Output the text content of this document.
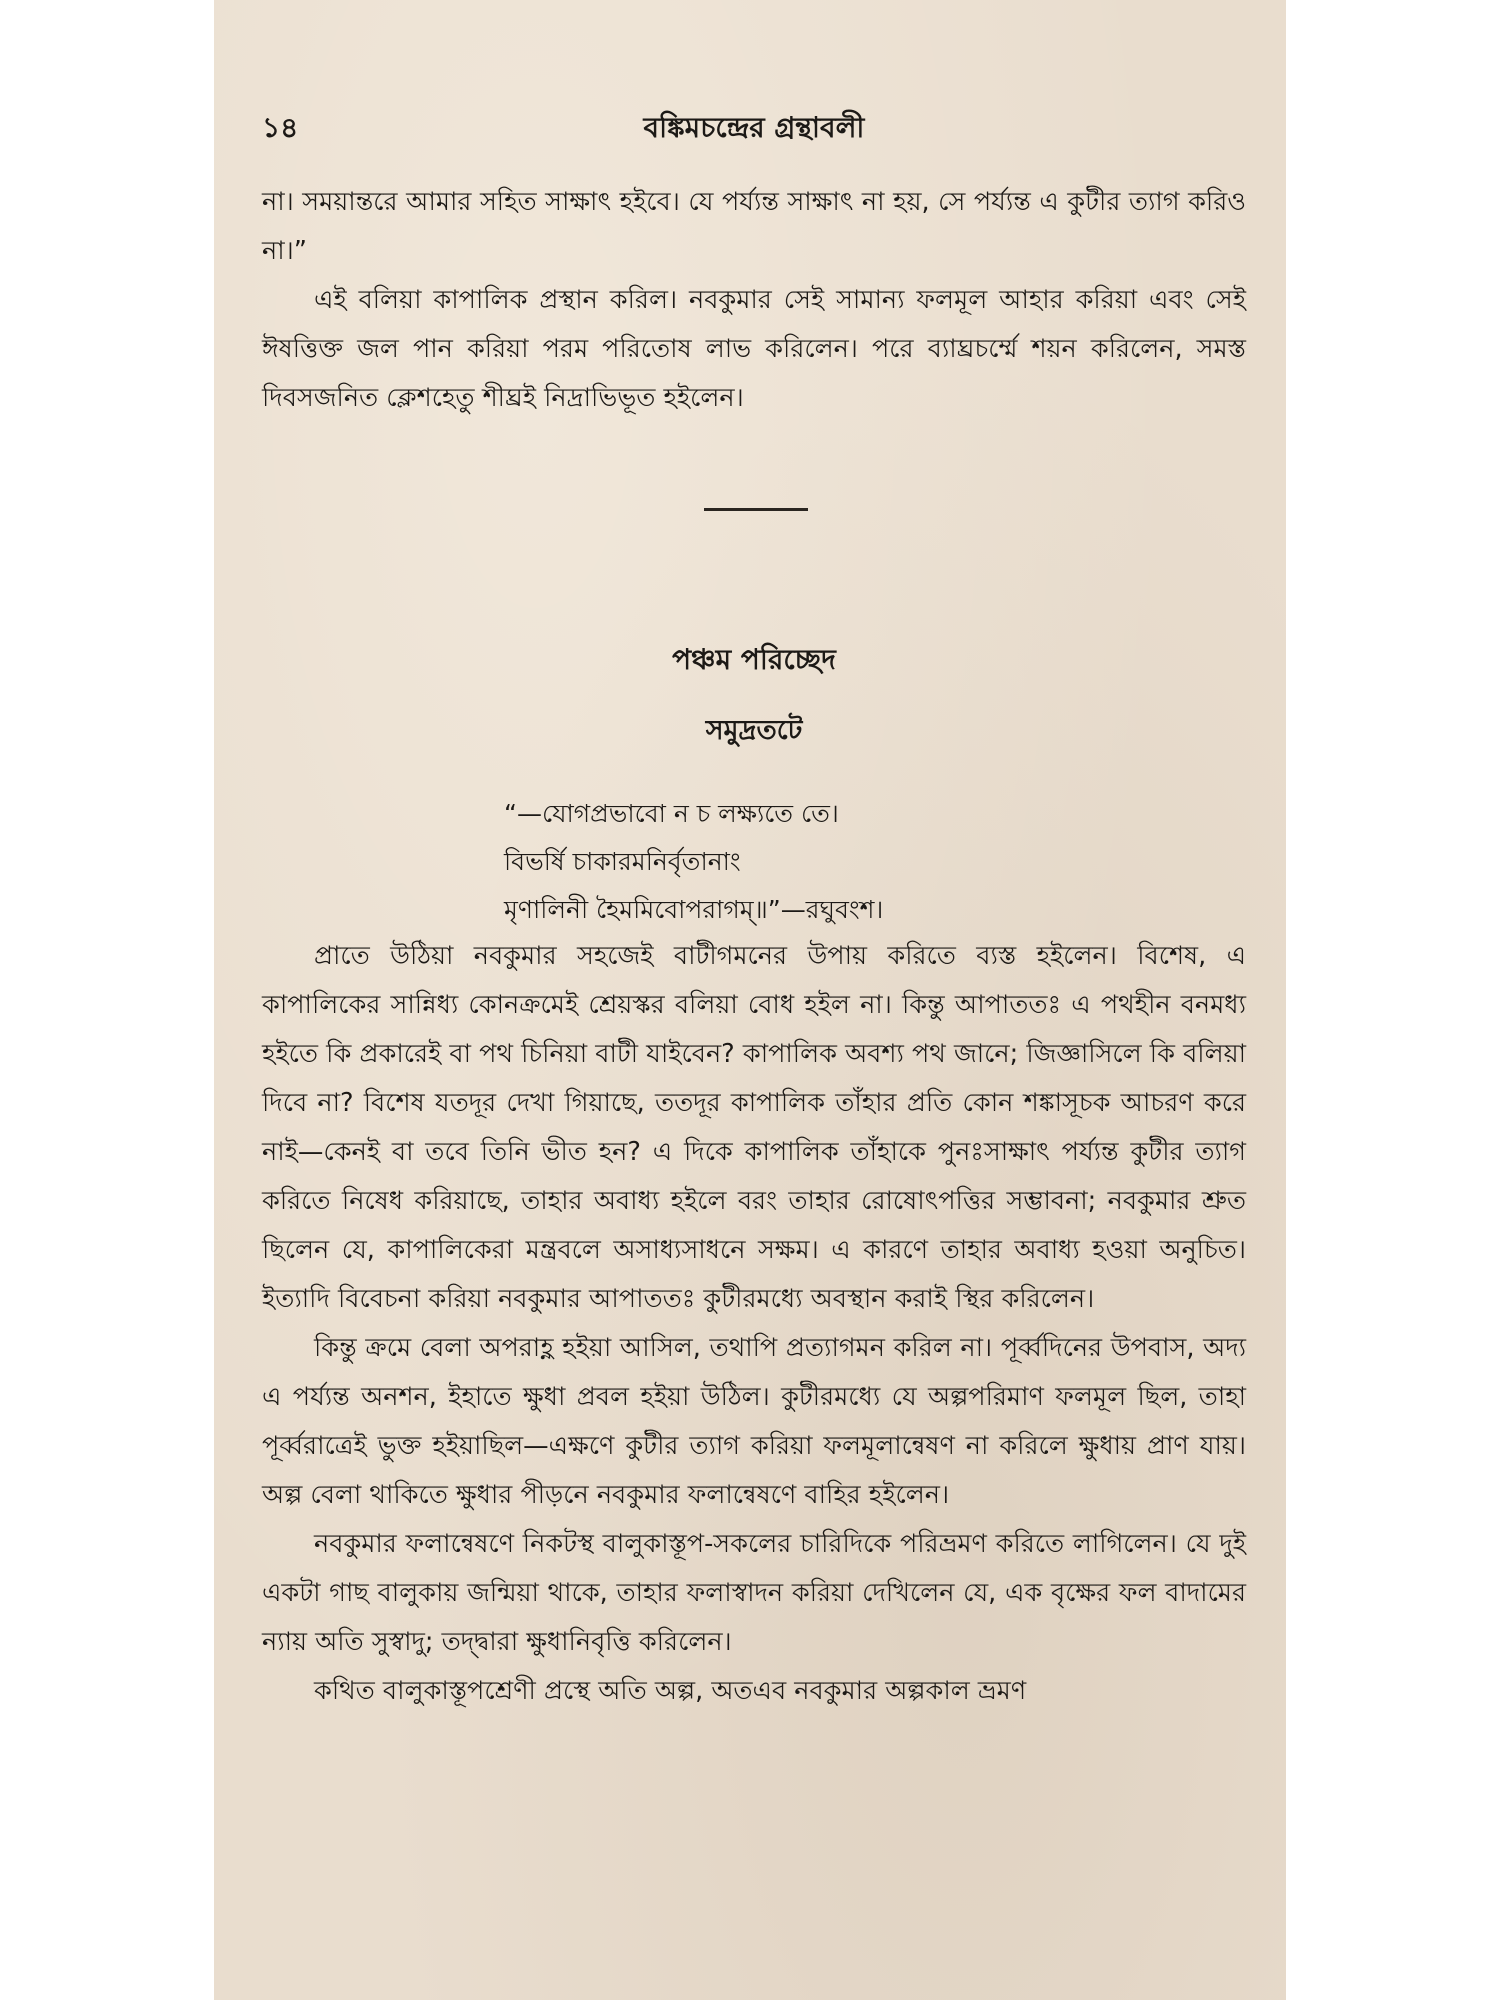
১৪	বঙ্কিমচন্দ্রের গ্রন্থাবলী

না। সময়ান্তরে আমার সহিত সাক্ষাৎ হইবে। যে পর্য্যন্ত সাক্ষাৎ না হয়, সে পর্য্যন্ত এ কুটীর ত্যাগ করিও না।”

এই বলিয়া কাপালিক প্রস্থান করিল। নবকুমার সেই সামান্য ফলমূল আহার করিয়া এবং সেই ঈষত্তিক্ত জল পান করিয়া পরম পরিতোষ লাভ করিলেন। পরে ব্যাঘ্রচর্ম্মে শয়ন করিলেন, সমস্ত দিবসজনিত ক্লেশহেতু শীঘ্রই নিদ্রাভিভূত হইলেন।

পঞ্চম পরিচ্ছেদ
সমুদ্রতটে
“—যোগপ্রভাবো ন চ লক্ষ্যতে তে।
বিভর্ষি চাকারমনির্বৃতানাং
মৃণালিনী হৈমমিবোপরাগম্॥”—রঘুবংশ।

প্রাতে উঠিয়া নবকুমার সহজেই বাটীগমনের উপায় করিতে ব্যস্ত হইলেন। বিশেষ, এ কাপালিকের সান্নিধ্য কোনক্রমেই শ্রেয়স্কর বলিয়া বোধ হইল না। কিন্তু আপাততঃ এ পথহীন বনমধ্য হইতে কি প্রকারেই বা পথ চিনিয়া বাটী যাইবেন? কাপালিক অবশ্য পথ জানে; জিজ্ঞাসিলে কি বলিয়া দিবে না? বিশেষ যতদূর দেখা গিয়াছে, ততদূর কাপালিক তাঁহার প্রতি কোন শঙ্কাসূচক আচরণ করে নাই—কেনই বা তবে তিনি ভীত হন? এ দিকে কাপালিক তাঁহাকে পুনঃসাক্ষাৎ পর্য্যন্ত কুটীর ত্যাগ করিতে নিষেধ করিয়াছে, তাহার অবাধ্য হইলে বরং তাহার রোষোৎপত্তির সম্ভাবনা; নবকুমার শ্রুত ছিলেন যে, কাপালিকেরা মন্ত্রবলে অসাধ্যসাধনে সক্ষম। এ কারণে তাহার অবাধ্য হওয়া অনুচিত। ইত্যাদি বিবেচনা করিয়া নবকুমার আপাততঃ কুটীরমধ্যে অবস্থান করাই স্থির করিলেন।

কিন্তু ক্রমে বেলা অপরাহ্ণ হইয়া আসিল, তথাপি প্রত্যাগমন করিল না। পূর্ব্বদিনের উপবাস, অদ্য এ পর্য্যন্ত অনশন, ইহাতে ক্ষুধা প্রবল হইয়া উঠিল। কুটীরমধ্যে যে অল্পপরিমাণ ফলমূল ছিল, তাহা পূর্ব্বরাত্রেই ভুক্ত হইয়াছিল—এক্ষণে কুটীর ত্যাগ করিয়া ফলমূলান্বেষণ না করিলে ক্ষুধায় প্রাণ যায়। অল্প বেলা থাকিতে ক্ষুধার পীড়নে নবকুমার ফলান্বেষণে বাহির হইলেন।

নবকুমার ফলান্বেষণে নিকটস্থ বালুকাস্তূপ-সকলের চারিদিকে পরিভ্রমণ করিতে লাগিলেন। যে দুই একটা গাছ বালুকায় জন্মিয়া থাকে, তাহার ফলাস্বাদন করিয়া দেখিলেন যে, এক বৃক্ষের ফল বাদামের ন্যায় অতি সুস্বাদু; তদ্দ্বারা ক্ষুধানিবৃত্তি করিলেন।

কথিত বালুকাস্তূপশ্রেণী প্রস্থে অতি অল্প, অতএব নবকুমার অল্পকাল ভ্রমণ
